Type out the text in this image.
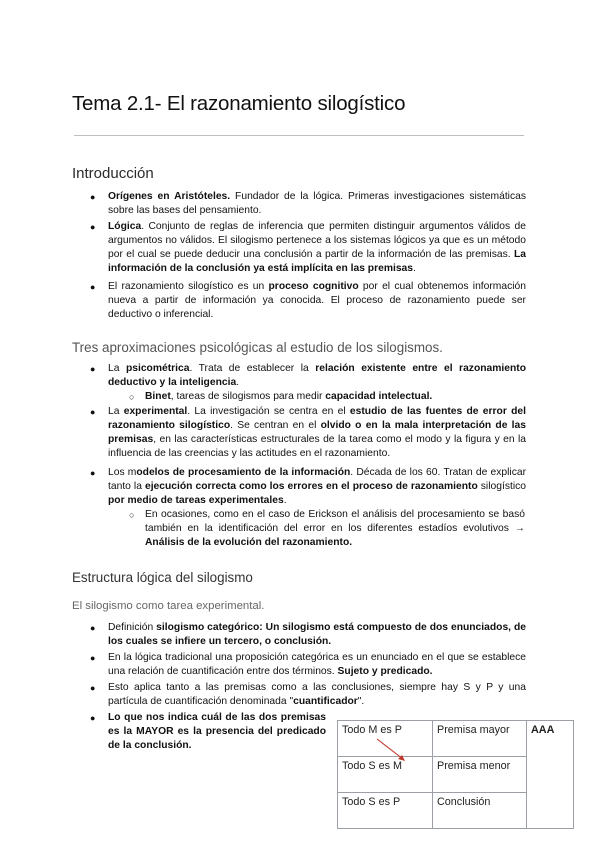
Tema 2.1- El razonamiento silogístico
Introducción
● Orígenes en Aristóteles. Fundador de la lógica. Primeras investigaciones sistemáticas sobre las bases del pensamiento.
● Lógica. Conjunto de reglas de inferencia que permiten distinguir argumentos válidos de argumentos no válidos. El silogismo pertenece a los sistemas lógicos ya que es un método por el cual se puede deducir una conclusión a partir de la información de las premisas. La información de la conclusión ya está implícita en las premisas.
● El razonamiento silogístico es un proceso cognitivo por el cual obtenemos información nueva a partir de información ya conocida. El proceso de razonamiento puede ser deductivo o inferencial.
Tres aproximaciones psicológicas al estudio de los silogismos.
● La psicométrica. Trata de establecer la relación existente entre el razonamiento deductivo y la inteligencia.
○ Binet, tareas de silogismos para medir capacidad intelectual.
● La experimental. La investigación se centra en el estudio de las fuentes de error del razonamiento silogístico. Se centran en el olvido o en la mala interpretación de las premisas, en las características estructurales de la tarea como el modo y la figura y en la influencia de las creencias y las actitudes en el razonamiento.
● Los modelos de procesamiento de la información. Década de los 60. Tratan de explicar tanto la ejecución correcta como los errores en el proceso de razonamiento silogístico por medio de tareas experimentales.
○ En ocasiones, como en el caso de Erickson el análisis del procesamiento se basó también en la identificación del error en los diferentes estadíos evolutivos → Análisis de la evolución del razonamiento.
Estructura lógica del silogismo
El silogismo como tarea experimental.
● Definición silogismo categórico: Un silogismo está compuesto de dos enunciados, de los cuales se infiere un tercero, o conclusión.
● En la lógica tradicional una proposición categórica es un enunciado en el que se establece una relación de cuantificación entre dos términos. Sujeto y predicado.
● Esto aplica tanto a las premisas como a las conclusiones, siempre hay S y P y una partícula de cuantificación denominada "cuantificador".
● Lo que nos indica cuál de las dos premisas es la MAYOR es la presencia del predicado de la conclusión.
Todo M es P	Premisa mayor	AAA
Todo S es M	Premisa menor	
Todo S es P	Conclusión	
